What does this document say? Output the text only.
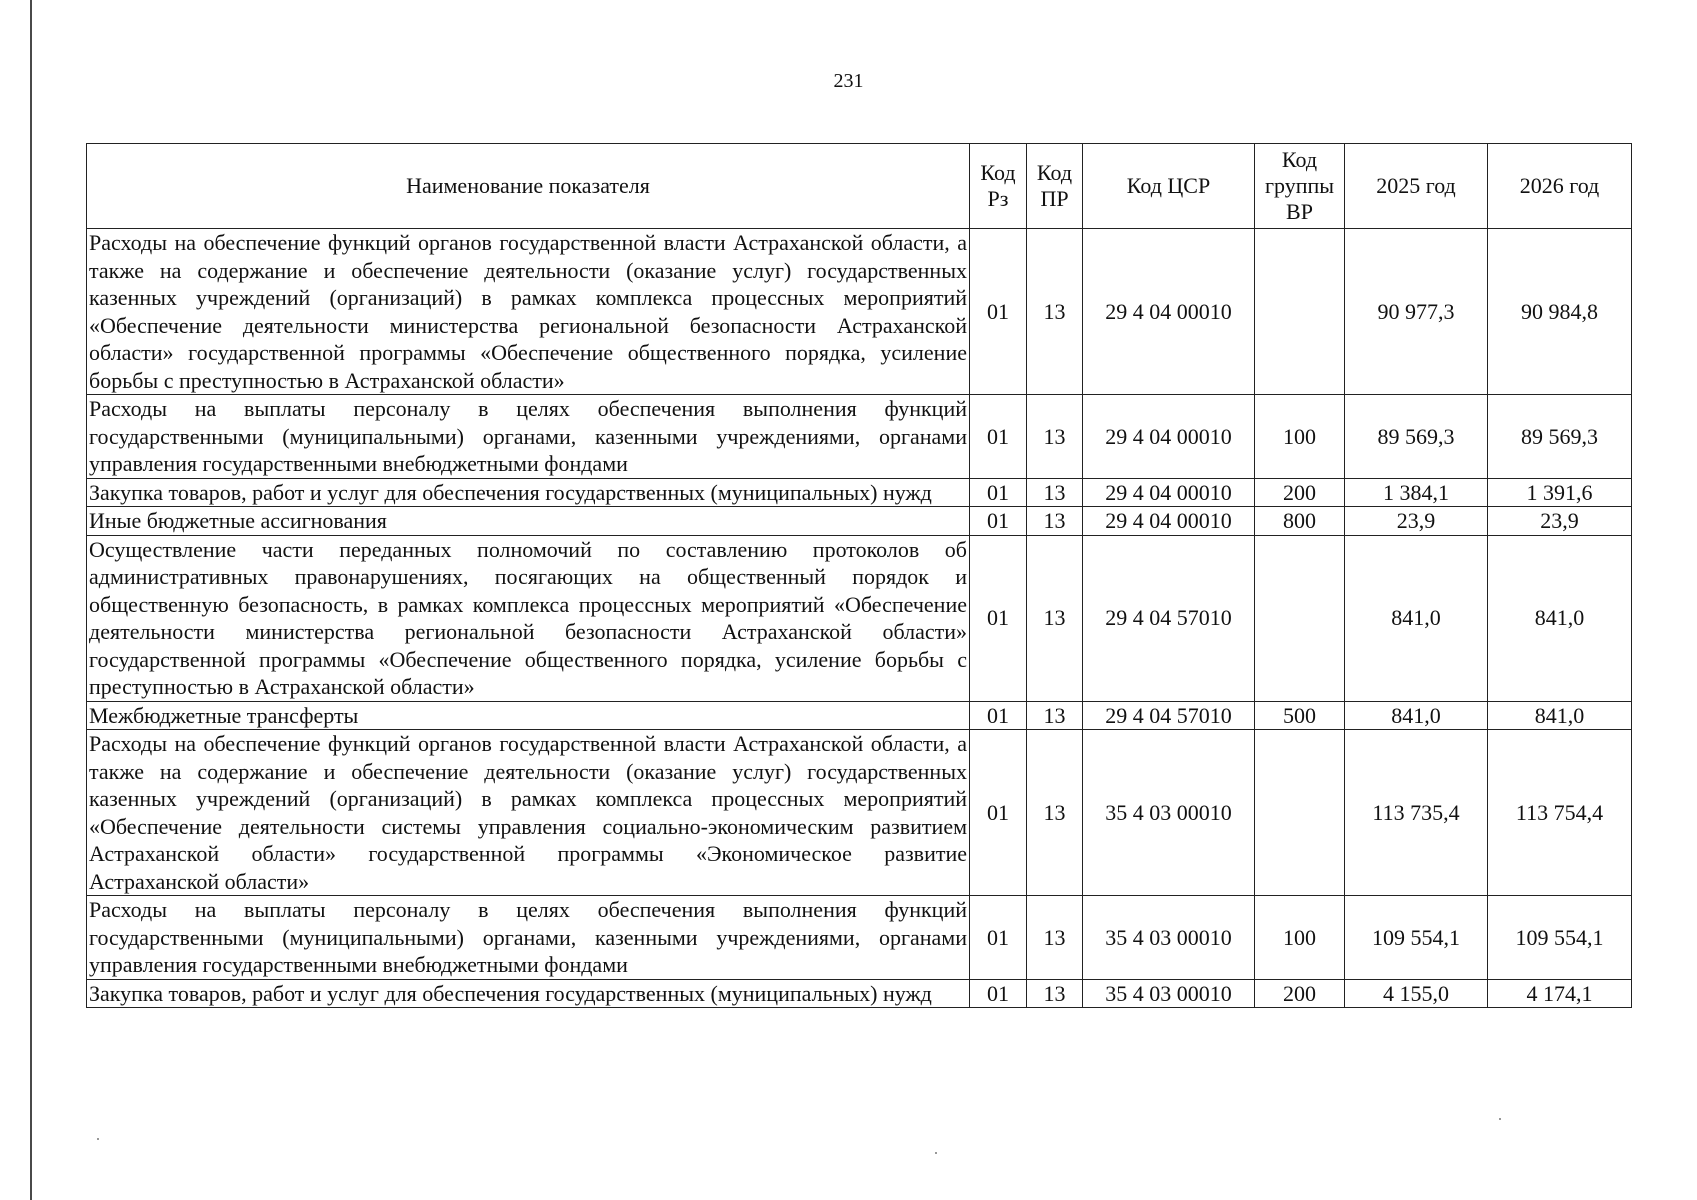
231
Наименование показателя	Код Рз	Код ПР	Код ЦСР	Код группы ВР	2025 год	2026 год
Расходы на обеспечение функций органов государственной власти Астраханской области, а также на содержание и обеспечение деятельности (оказание услуг) государственных казенных учреждений (организаций) в рамках комплекса процессных мероприятий «Обеспечение деятельности министерства региональной безопасности Астраханской области» государственной программы «Обеспечение общественного порядка, усиление борьбы с преступностью в Астраханской области»	01	13	29 4 04 00010		90 977,3	90 984,8
Расходы на выплаты персоналу в целях обеспечения выполнения функций государственными (муниципальными) органами, казенными учреждениями, органами управления государственными внебюджетными фондами	01	13	29 4 04 00010	100	89 569,3	89 569,3
Закупка товаров, работ и услуг для обеспечения государственных (муниципальных) нужд	01	13	29 4 04 00010	200	1 384,1	1 391,6
Иные бюджетные ассигнования	01	13	29 4 04 00010	800	23,9	23,9
Осуществление части переданных полномочий по составлению протоколов об административных правонарушениях, посягающих на общественный порядок и общественную безопасность, в рамках комплекса процессных мероприятий «Обеспечение деятельности министерства региональной безопасности Астраханской области» государственной программы «Обеспечение общественного порядка, усиление борьбы с преступностью в Астраханской области»	01	13	29 4 04 57010		841,0	841,0
Межбюджетные трансферты	01	13	29 4 04 57010	500	841,0	841,0
Расходы на обеспечение функций органов государственной власти Астраханской области, а также на содержание и обеспечение деятельности (оказание услуг) государственных казенных учреждений (организаций) в рамках комплекса процессных мероприятий «Обеспечение деятельности системы управления социально-экономическим развитием Астраханской области» государственной программы «Экономическое развитие Астраханской области»	01	13	35 4 03 00010		113 735,4	113 754,4
Расходы на выплаты персоналу в целях обеспечения выполнения функций государственными (муниципальными) органами, казенными учреждениями, органами управления государственными внебюджетными фондами	01	13	35 4 03 00010	100	109 554,1	109 554,1
Закупка товаров, работ и услуг для обеспечения государственных (муниципальных) нужд	01	13	35 4 03 00010	200	4 155,0	4 174,1
